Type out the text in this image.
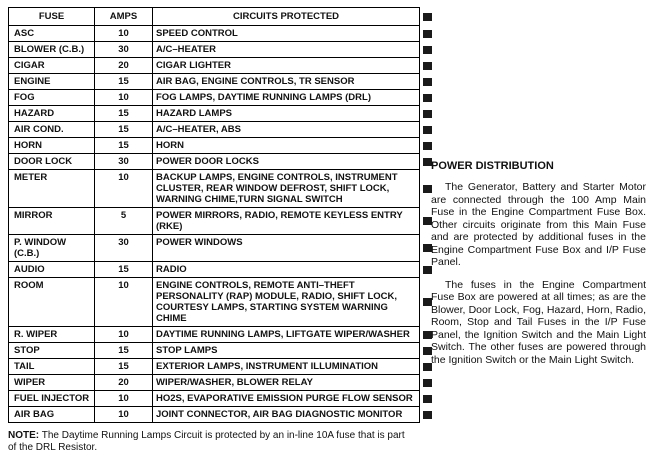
FUSE	AMPS	CIRCUITS PROTECTED

ASC	10	SPEED CONTROL

BLOWER (C.B.)	30	A/C–HEATER

CIGAR	20	CIGAR LIGHTER

ENGINE	15	AIR BAG, ENGINE CONTROLS, TR SENSOR

FOG	10	FOG LAMPS, DAYTIME RUNNING LAMPS (DRL)

HAZARD	15	HAZARD LAMPS

AIR COND.	15	A/C–HEATER, ABS

HORN	15	HORN

DOOR LOCK	30	POWER DOOR LOCKS

METER	10	BACKUP LAMPS, ENGINE CONTROLS, INSTRUMENT CLUSTER, REAR WINDOW DEFROST, SHIFT LOCK, WARNING CHIME,TURN SIGNAL SWITCH

MIRROR	5	POWER MIRRORS, RADIO, REMOTE KEYLESS ENTRY (RKE)

P. WINDOW (C.B.)	30	POWER WINDOWS

AUDIO	15	RADIO

ROOM	10	ENGINE CONTROLS, REMOTE ANTI–THEFT PERSONALITY (RAP) MODULE, RADIO, SHIFT LOCK, COURTESY LAMPS, STARTING SYSTEM WARNING CHIME

R. WIPER	10	DAYTIME RUNNING LAMPS, LIFTGATE WIPER/WASHER

STOP	15	STOP LAMPS

TAIL	15	EXTERIOR LAMPS, INSTRUMENT ILLUMINATION

WIPER	20	WIPER/WASHER, BLOWER RELAY

FUEL INJECTOR	10	HO2S, EVAPORATIVE EMISSION PURGE FLOW SENSOR

AIR BAG	10	JOINT CONNECTOR, AIR BAG DIAGNOSTIC MONITOR

NOTE: The Daytime Running Lamps Circuit is protected by an in-line 10A fuse that is part of the DRL Resistor.

POWER DISTRIBUTION

The Generator, Battery and Starter Motor are connected through the 100 Amp Main Fuse in the Engine Compartment Fuse Box. Other circuits originate from this Main Fuse and are protected by additional fuses in the Engine Compartment Fuse Box and I/P Fuse Panel.

The fuses in the Engine Compartment Fuse Box are powered at all times; as are the Blower, Door Lock, Fog, Hazard, Horn, Radio, Room, Stop and Tail Fuses in the I/P Fuse Panel, the Ignition Switch and the Main Light Switch. The other fuses are powered through the Ignition Switch or the Main Light Switch.
